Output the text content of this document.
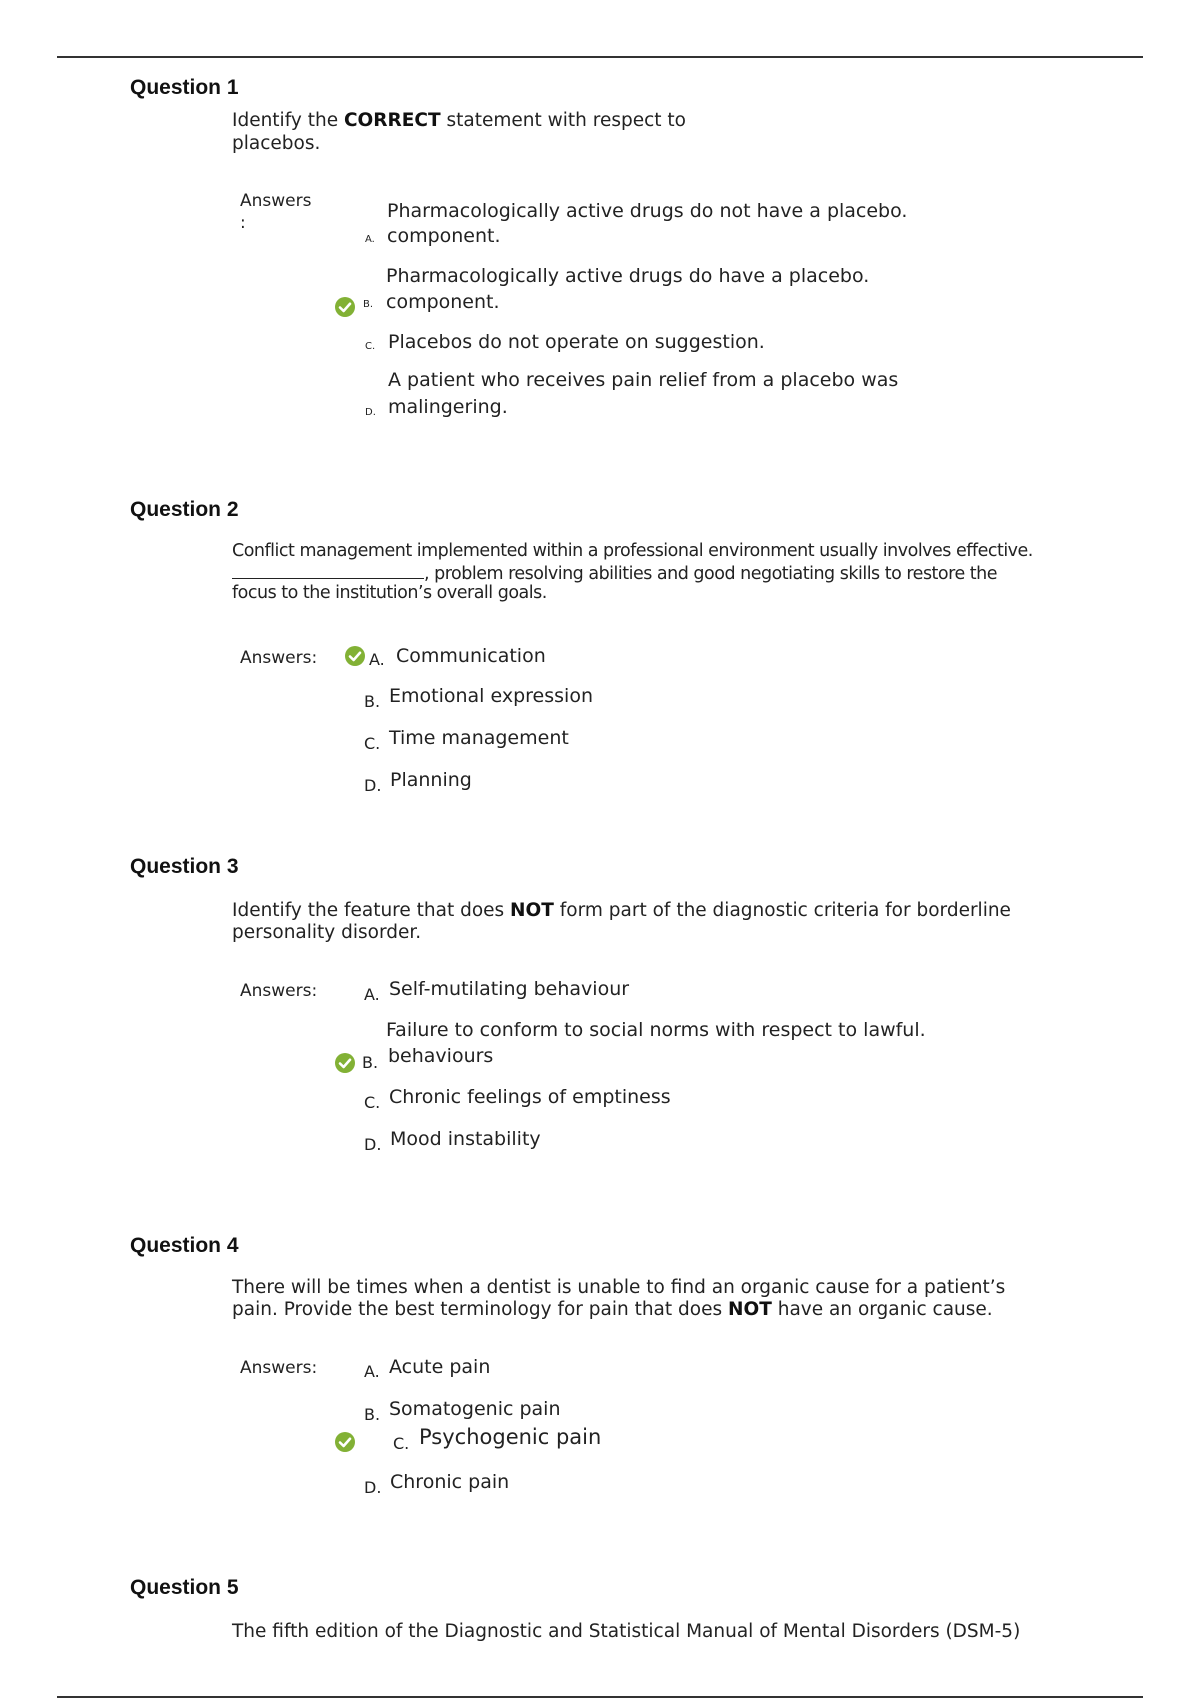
Question 1
Identify the CORRECT statement with respect to
placebos.
Answers
:
A.
Pharmacologically active drugs do not have a placebo.
component.
B.
Pharmacologically active drugs do have a placebo.
component.
C. Placebos do not operate on suggestion.
D.
A patient who receives pain relief from a placebo was
malingering.
Question 2
Conflict management implemented within a professional environment usually involves effective.
, problem resolving abilities and good negotiating skills to restore the
focus to the institution’s overall goals.
Answers:	A. Communication
B. Emotional expression
C. Time management
D. Planning
Question 3
Identify the feature that does NOT form part of the diagnostic criteria for borderline
personality disorder.
Answers:	A. Self-mutilating behaviour
B.
Failure to conform to social norms with respect to lawful.
behaviours
C. Chronic feelings of emptiness
D. Mood instability
Question 4
There will be times when a dentist is unable to find an organic cause for a patient’s
pain. Provide the best terminology for pain that does NOT have an organic cause.
Answers:	A. Acute pain
B. Somatogenic pain
C. Psychogenic pain
D. Chronic pain
Question 5
The fifth edition of the Diagnostic and Statistical Manual of Mental Disorders (DSM-5)
